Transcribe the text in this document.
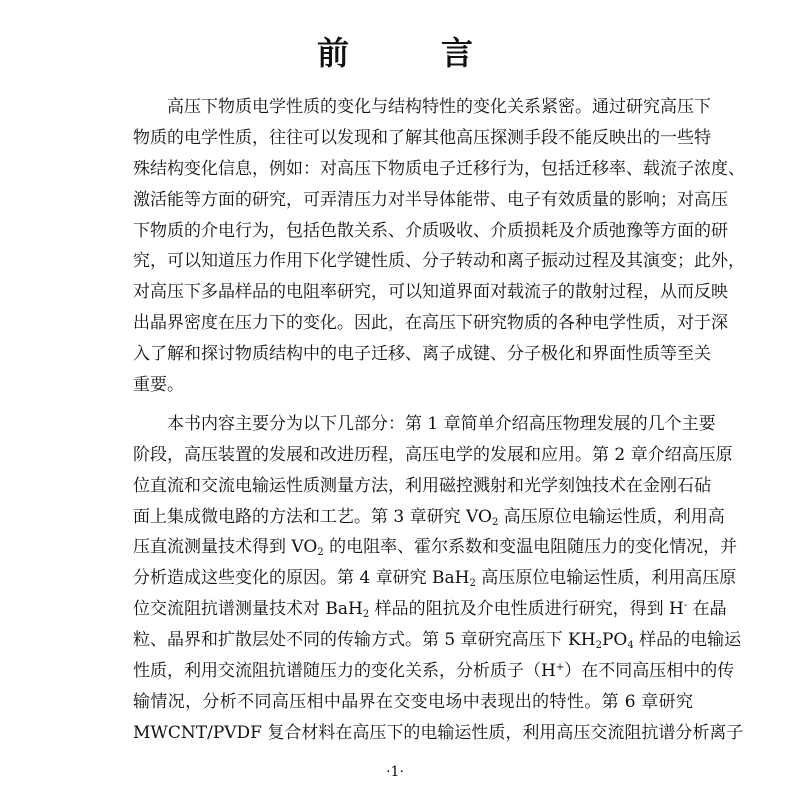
前　言
高压下物质电学性质的变化与结构特性的变化关系紧密。通过研究高压下
物质的电学性质，往往可以发现和了解其他高压探测手段不能反映出的一些特
殊结构变化信息，例如：对高压下物质电子迁移行为，包括迁移率、载流子浓度、
激活能等方面的研究，可弄清压力对半导体能带、电子有效质量的影响；对高压
下物质的介电行为，包括色散关系、介质吸收、介质损耗及介质弛豫等方面的研
究，可以知道压力作用下化学键性质、分子转动和离子振动过程及其演变；此外，
对高压下多晶样品的电阻率研究，可以知道界面对载流子的散射过程，从而反映
出晶界密度在压力下的变化。因此，在高压下研究物质的各种电学性质，对于深
入了解和探讨物质结构中的电子迁移、离子成键、分子极化和界面性质等至关
重要。
本书内容主要分为以下几部分：第 1 章简单介绍高压物理发展的几个主要
阶段，高压装置的发展和改进历程，高压电学的发展和应用。第 2 章介绍高压原
位直流和交流电输运性质测量方法，利用磁控溅射和光学刻蚀技术在金刚石砧
面上集成微电路的方法和工艺。第 3 章研究 $VO_2$ 高压原位电输运性质，利用高
压直流测量技术得到 $VO_2$ 的电阻率、霍尔系数和变温电阻随压力的变化情况，并
分析造成这些变化的原因。第 4 章研究 BaH$_2$ 高压原位电输运性质，利用高压原
位交流阻抗谱测量技术对 BaH$_2$ 样品的阻抗及介电性质进行研究，得到 H- 在晶
粒、晶界和扩散层处不同的传输方式。第 5 章研究高压下 $KH_2PO_4$ 样品的电输运
性质，利用交流阻抗谱随压力的变化关系，分析质子（H+）在不同高压相中的传
输情况，分析不同高压相中晶界在交变电场中表现出的特性。第 6 章研究
MWCNT/PVDF 复合材料在高压下的电输运性质，利用高压交流阻抗谱分析离子
·1·
